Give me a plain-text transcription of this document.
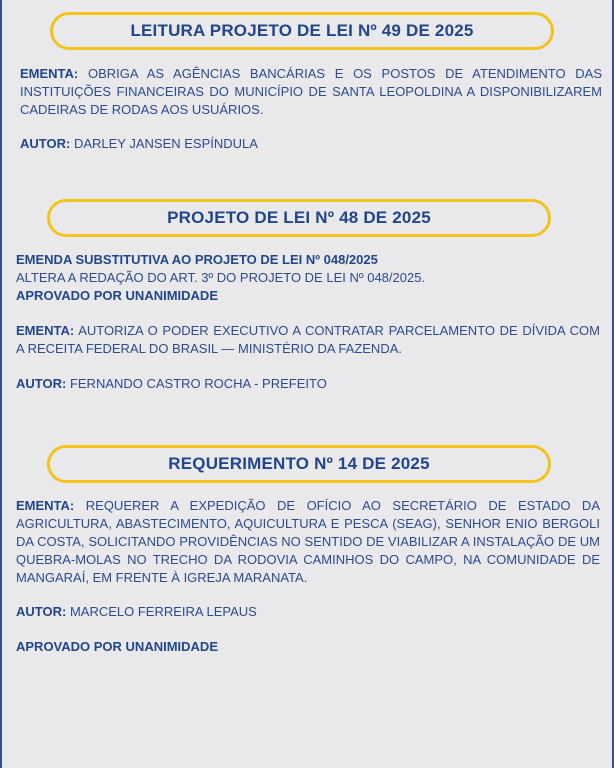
LEITURA PROJETO DE LEI Nº 49 DE 2025
EMENTA: OBRIGA AS AGÊNCIAS BANCÁRIAS E OS POSTOS DE ATENDIMENTO DAS INSTITUIÇÕES FINANCEIRAS DO MUNICÍPIO DE SANTA LEOPOLDINA A DISPONIBILIZAREM CADEIRAS DE RODAS AOS USUÁRIOS.
AUTOR: DARLEY JANSEN ESPÍNDULA
PROJETO DE LEI Nº 48 DE 2025
EMENDA SUBSTITUTIVA AO PROJETO DE LEI Nº 048/2025
ALTERA A REDAÇÃO DO ART. 3º DO PROJETO DE LEI Nº 048/2025.
APROVADO POR UNANIMIDADE
EMENTA: AUTORIZA O PODER EXECUTIVO A CONTRATAR PARCELAMENTO DE DÍVIDA COM A RECEITA FEDERAL DO BRASIL — MINISTÉRIO DA FAZENDA.
AUTOR: FERNANDO CASTRO ROCHA - PREFEITO
REQUERIMENTO Nº 14 DE 2025
EMENTA: REQUERER A EXPEDIÇÃO DE OFÍCIO AO SECRETÁRIO DE ESTADO DA AGRICULTURA, ABASTECIMENTO, AQUICULTURA E PESCA (SEAG), SENHOR ENIO BERGOLI DA COSTA, SOLICITANDO PROVIDÊNCIAS NO SENTIDO DE VIABILIZAR A INSTALAÇÃO DE UM QUEBRA-MOLAS NO TRECHO DA RODOVIA CAMINHOS DO CAMPO, NA COMUNIDADE DE MANGARAÍ, EM FRENTE À IGREJA MARANATA.
AUTOR: MARCELO FERREIRA LEPAUS
APROVADO POR UNANIMIDADE
